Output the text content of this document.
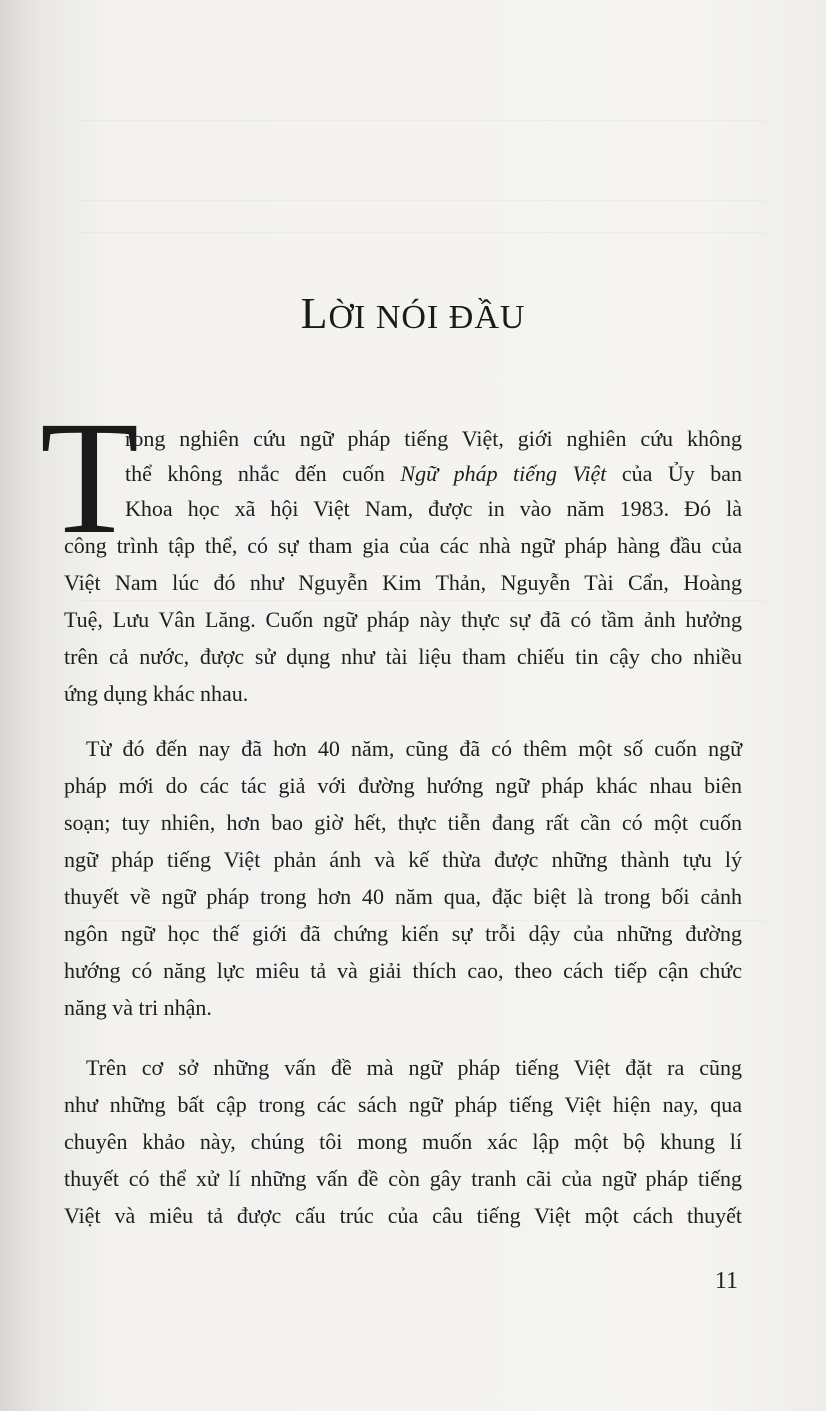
LỜI NÓI ĐẦU
T
rong nghiên cứu ngữ pháp tiếng Việt, giới nghiên cứu không
thể không nhắc đến cuốn Ngữ pháp tiếng Việt của Ủy ban
Khoa học xã hội Việt Nam, được in vào năm 1983. Đó là
công trình tập thể, có sự tham gia của các nhà ngữ pháp hàng đầu của
Việt Nam lúc đó như Nguyễn Kim Thản, Nguyễn Tài Cẩn, Hoàng
Tuệ, Lưu Vân Lăng. Cuốn ngữ pháp này thực sự đã có tầm ảnh hưởng
trên cả nước, được sử dụng như tài liệu tham chiếu tin cậy cho nhiều
ứng dụng khác nhau.
Từ đó đến nay đã hơn 40 năm, cũng đã có thêm một số cuốn ngữ
pháp mới do các tác giả với đường hướng ngữ pháp khác nhau biên
soạn; tuy nhiên, hơn bao giờ hết, thực tiễn đang rất cần có một cuốn
ngữ pháp tiếng Việt phản ánh và kế thừa được những thành tựu lý
thuyết về ngữ pháp trong hơn 40 năm qua, đặc biệt là trong bối cảnh
ngôn ngữ học thế giới đã chứng kiến sự trỗi dậy của những đường
hướng có năng lực miêu tả và giải thích cao, theo cách tiếp cận chức
năng và tri nhận.
Trên cơ sở những vấn đề mà ngữ pháp tiếng Việt đặt ra cũng
như những bất cập trong các sách ngữ pháp tiếng Việt hiện nay, qua
chuyên khảo này, chúng tôi mong muốn xác lập một bộ khung lí
thuyết có thể xử lí những vấn đề còn gây tranh cãi của ngữ pháp tiếng
Việt và miêu tả được cấu trúc của câu tiếng Việt một cách thuyết
11
